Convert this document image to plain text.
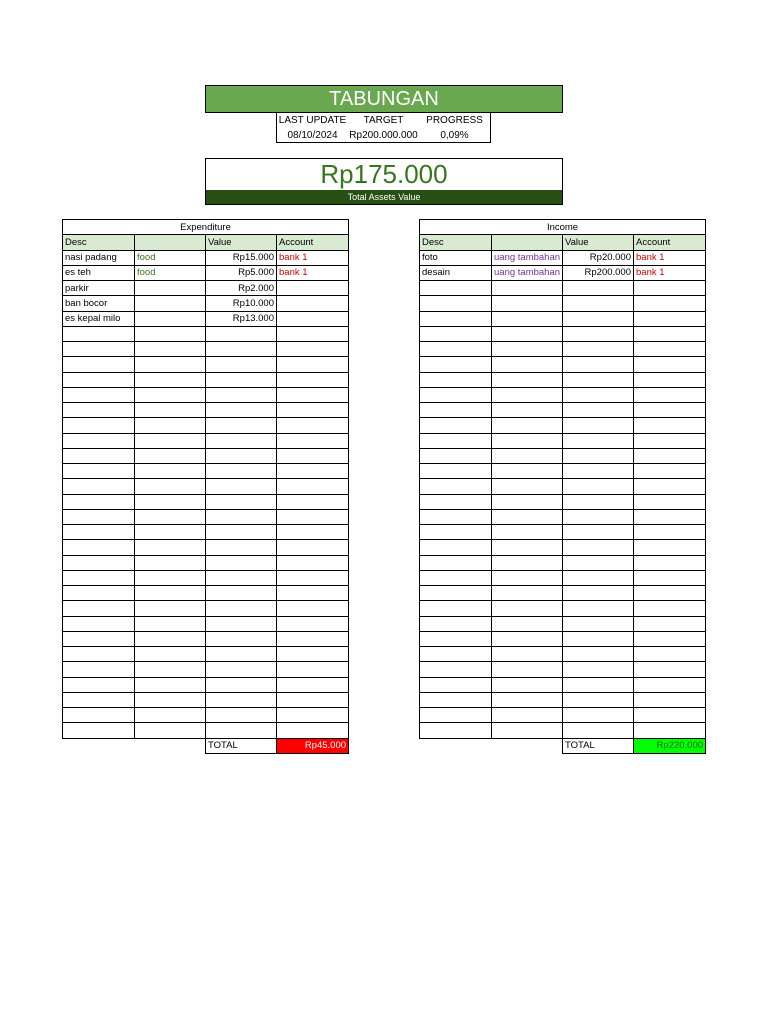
TABUNGAN
LAST UPDATE	TARGET	PROGRESS
08/10/2024	Rp200.000.000	0,09%
Rp175.000
Total Assets Value
Expenditure			
Desc		Value	Account
nasi padang	food	Rp15.000	bank 1
es teh	food	Rp5.000	bank 1
parkir		Rp2.000	
ban bocor		Rp10.000	
es kepal milo		Rp13.000	

		TOTAL	Rp45.000
Income			
Desc		Value	Account
foto	uang tambahan	Rp20.000	bank 1
desain	uang tambahan	Rp200.000	bank 1

		TOTAL	Rp220.000
